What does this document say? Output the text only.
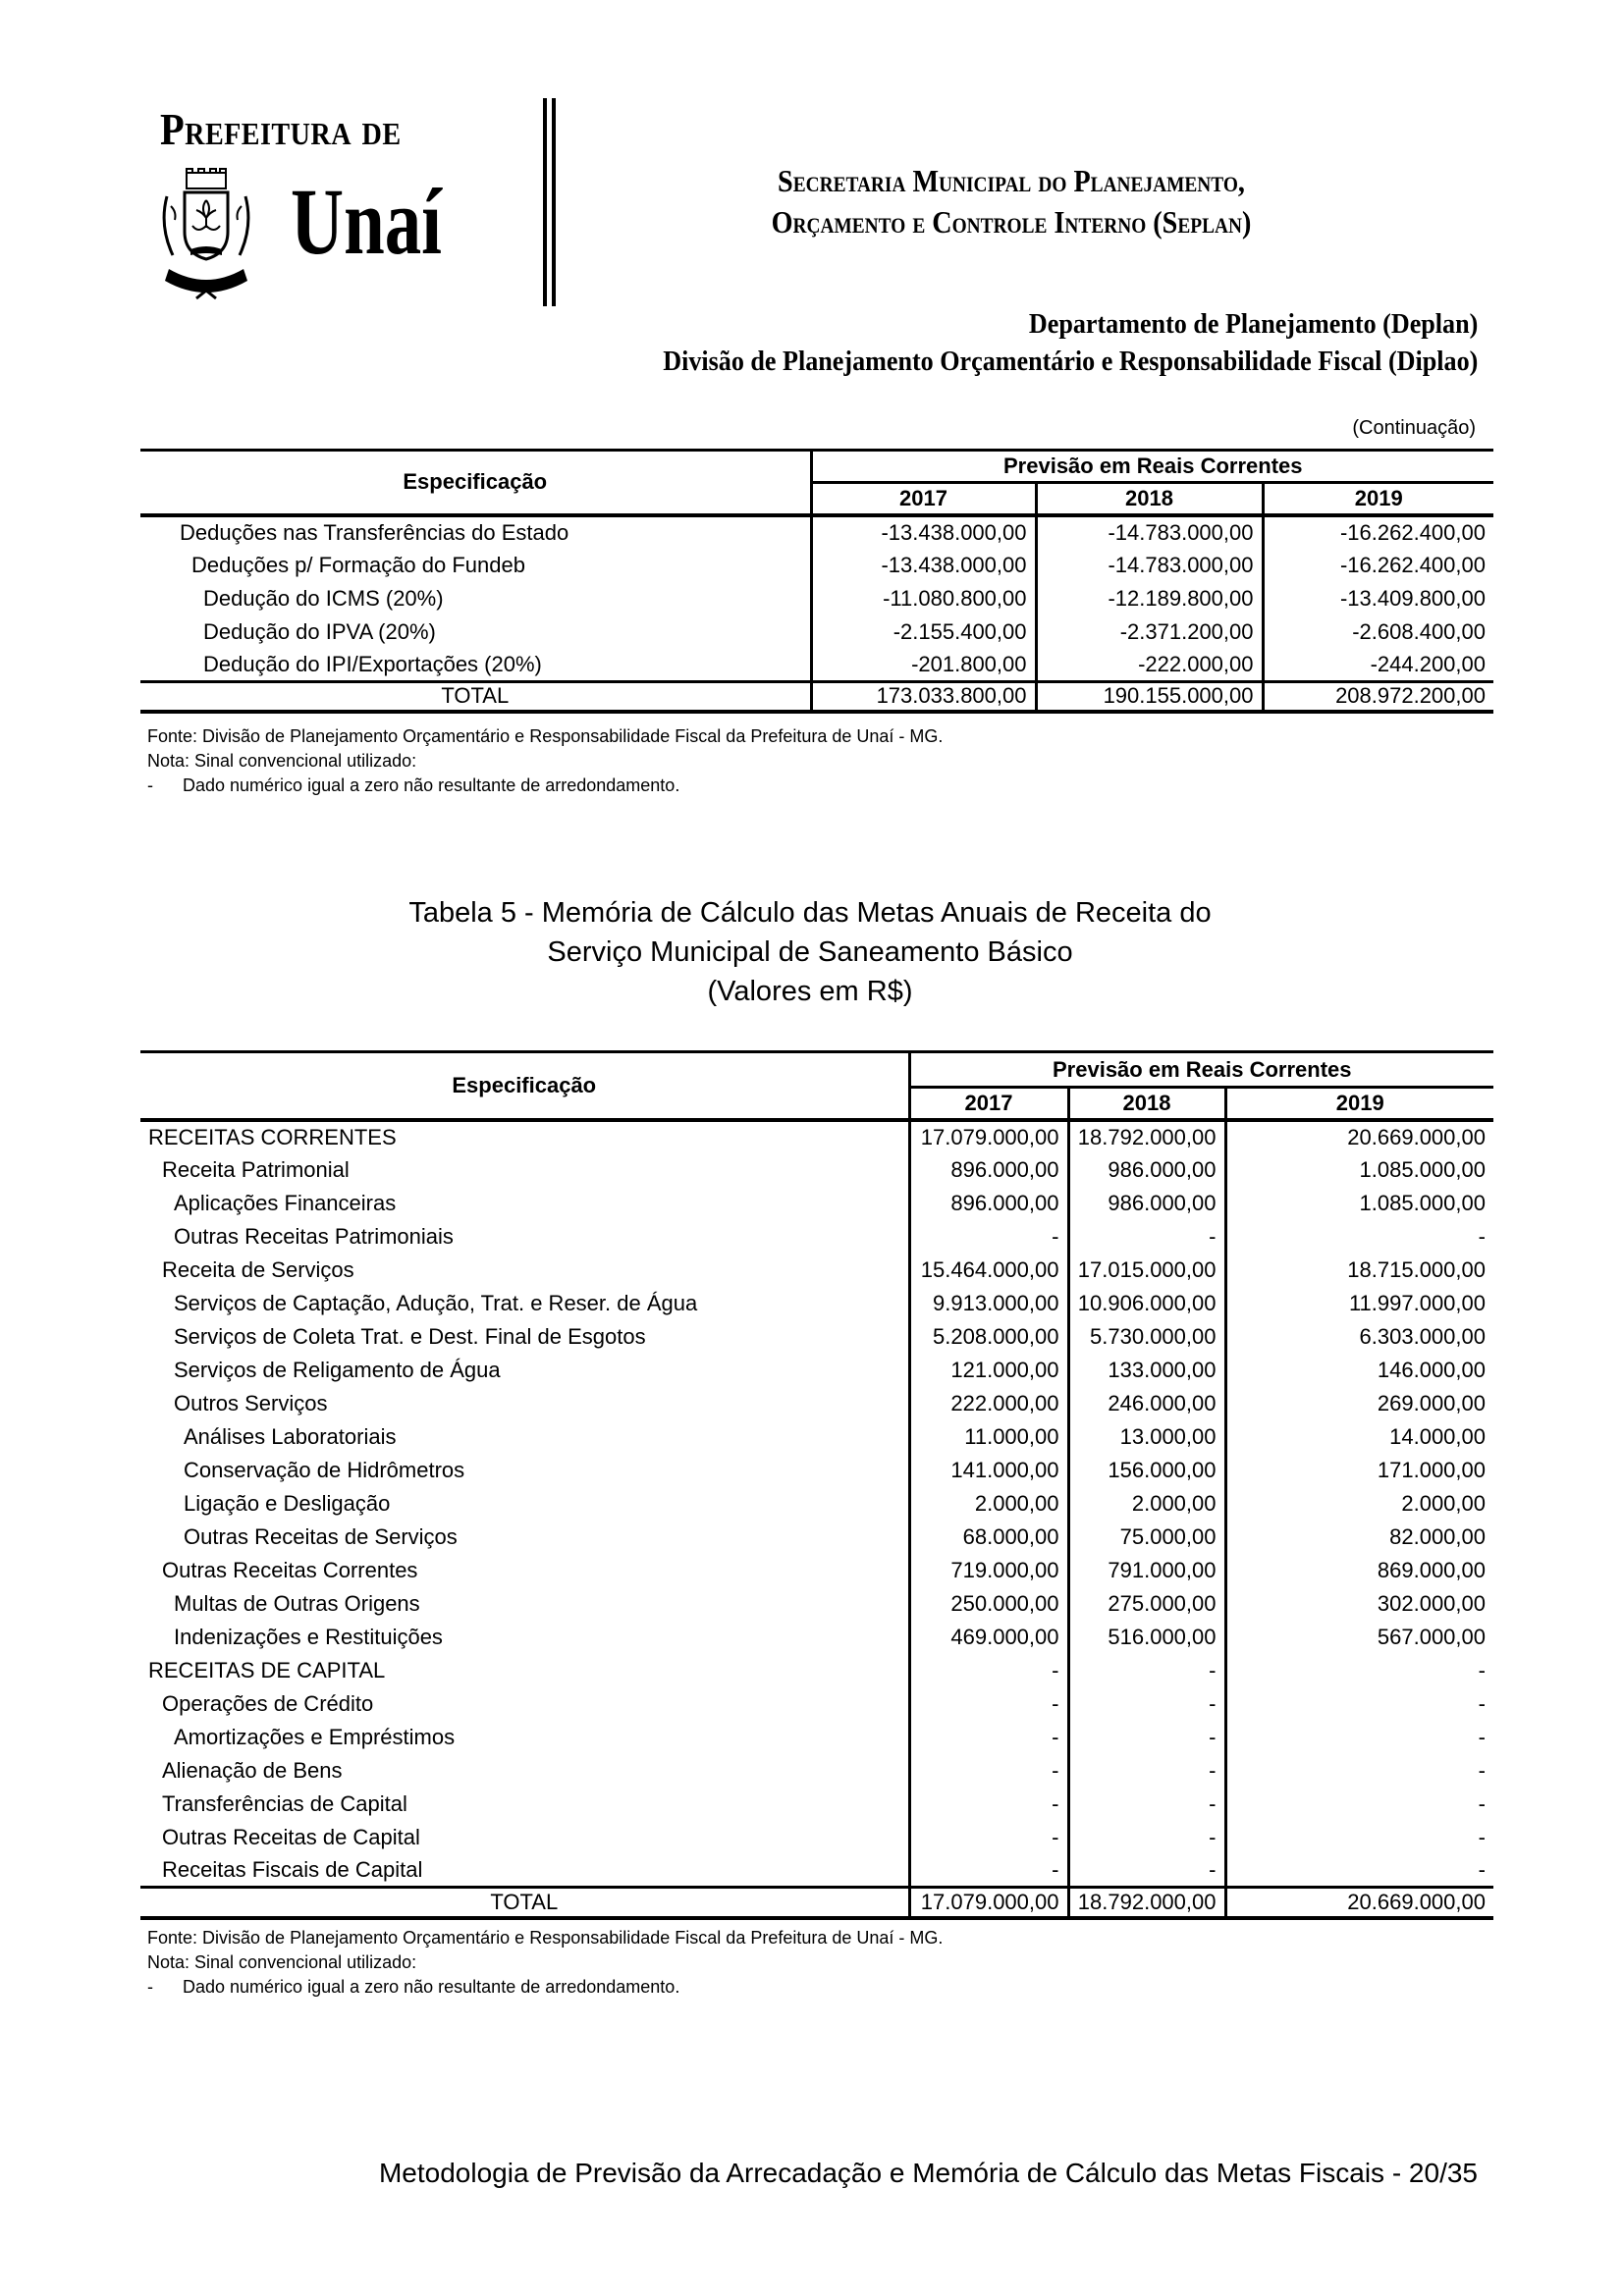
Prefeitura de
Unaí	Secretaria Municipal do Planejamento,
Orçamento e Controle Interno (Seplan)
Departamento de Planejamento (Deplan)
Divisão de Planejamento Orçamentário e Responsabilidade Fiscal (Diplao)
(Continuação)
Especificação	Previsão em Reais Correntes		
	2017	2018	2019
Deduções nas Transferências do Estado	-13.438.000,00	-14.783.000,00	-16.262.400,00
Deduções p/ Formação do Fundeb	-13.438.000,00	-14.783.000,00	-16.262.400,00
Dedução do ICMS (20%)	-11.080.800,00	-12.189.800,00	-13.409.800,00
Dedução do IPVA (20%)	-2.155.400,00	-2.371.200,00	-2.608.400,00
Dedução do IPI/Exportações (20%)	-201.800,00	-222.000,00	-244.200,00
TOTAL	173.033.800,00	190.155.000,00	208.972.200,00
Fonte: Divisão de Planejamento Orçamentário e Responsabilidade Fiscal da Prefeitura de Unaí - MG.
Nota: Sinal convencional utilizado:
- Dado numérico igual a zero não resultante de arredondamento.
Tabela 5 - Memória de Cálculo das Metas Anuais de Receita do
Serviço Municipal de Saneamento Básico
(Valores em R$)
Especificação	Previsão em Reais Correntes		
	2017	2018	2019
RECEITAS CORRENTES	17.079.000,00	18.792.000,00	20.669.000,00
Receita Patrimonial	896.000,00	986.000,00	1.085.000,00
Aplicações Financeiras	896.000,00	986.000,00	1.085.000,00
Outras Receitas Patrimoniais	-	-	-
Receita de Serviços	15.464.000,00	17.015.000,00	18.715.000,00
Serviços de Captação, Adução, Trat. e Reser. de Água	9.913.000,00	10.906.000,00	11.997.000,00
Serviços de Coleta Trat. e Dest. Final de Esgotos	5.208.000,00	5.730.000,00	6.303.000,00
Serviços de Religamento de Água	121.000,00	133.000,00	146.000,00
Outros Serviços	222.000,00	246.000,00	269.000,00
Análises Laboratoriais	11.000,00	13.000,00	14.000,00
Conservação de Hidrômetros	141.000,00	156.000,00	171.000,00
Ligação e Desligação	2.000,00	2.000,00	2.000,00
Outras Receitas de Serviços	68.000,00	75.000,00	82.000,00
Outras Receitas Correntes	719.000,00	791.000,00	869.000,00
Multas de Outras Origens	250.000,00	275.000,00	302.000,00
Indenizações e Restituições	469.000,00	516.000,00	567.000,00
RECEITAS DE CAPITAL	-	-	-
Operações de Crédito	-	-	-
Amortizações e Empréstimos	-	-	-
Alienação de Bens	-	-	-
Transferências de Capital	-	-	-
Outras Receitas de Capital	-	-	-
Receitas Fiscais de Capital	-	-	-
TOTAL	17.079.000,00	18.792.000,00	20.669.000,00
Fonte: Divisão de Planejamento Orçamentário e Responsabilidade Fiscal da Prefeitura de Unaí - MG.
Nota: Sinal convencional utilizado:
- Dado numérico igual a zero não resultante de arredondamento.
Metodologia de Previsão da Arrecadação e Memória de Cálculo das Metas Fiscais - 20/35
